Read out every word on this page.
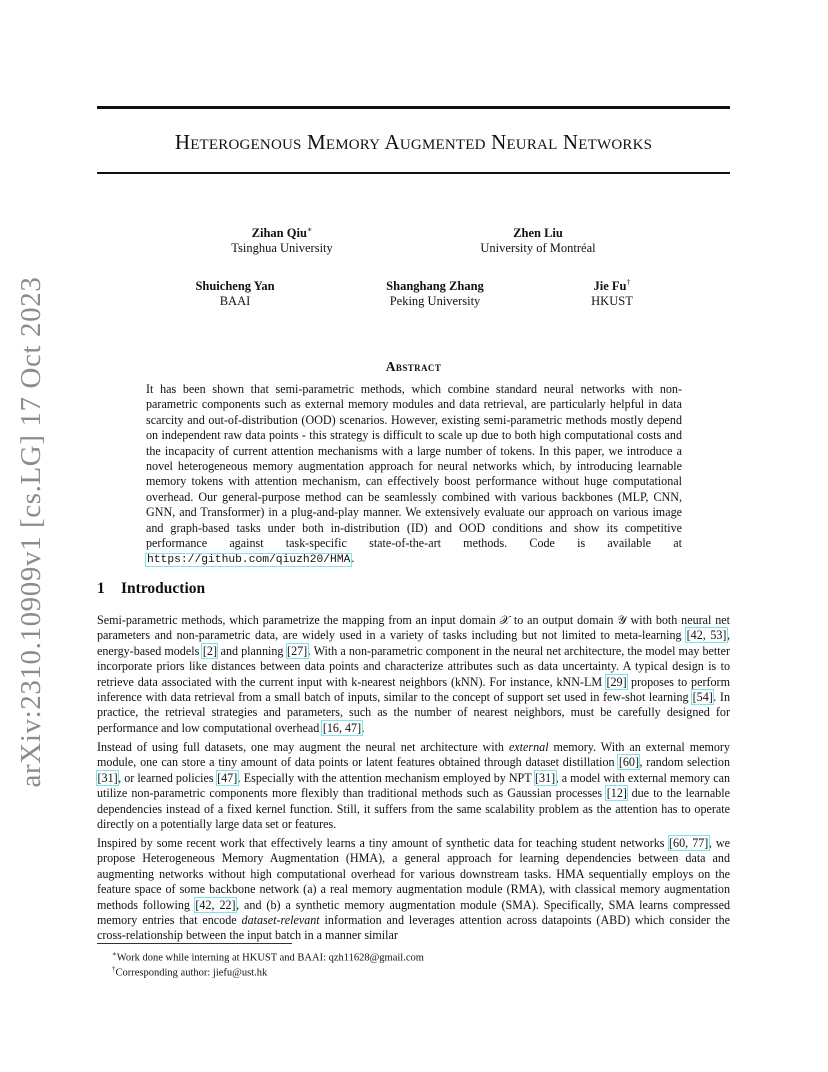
arXiv:2310.10909v1 [cs.LG] 17 Oct 2023
Heterogenous Memory Augmented Neural Networks
Zihan Qiu∗
Tsinghua University
Zhen Liu
University of Montréal
Shuicheng Yan
BAAI
Shanghang Zhang
Peking University
Jie Fu†
HKUST
Abstract
It has been shown that semi-parametric methods, which combine standard neural networks with non-parametric components such as external memory modules and data retrieval, are particularly helpful in data scarcity and out-of-distribution (OOD) scenarios. However, existing semi-parametric methods mostly depend on independent raw data points - this strategy is difficult to scale up due to both high computational costs and the incapacity of current attention mechanisms with a large number of tokens. In this paper, we introduce a novel heterogeneous memory augmentation approach for neural networks which, by introducing learnable memory tokens with attention mechanism, can effectively boost performance without huge computational overhead. Our general-purpose method can be seamlessly combined with various backbones (MLP, CNN, GNN, and Transformer) in a plug-and-play manner. We extensively evaluate our approach on various image and graph-based tasks under both in-distribution (ID) and OOD conditions and show its competitive performance against task-specific state-of-the-art methods. Code is available at https://github.com/qiuzh20/HMA.
1 Introduction
Semi-parametric methods, which parametrize the mapping from an input domain 𝒳 to an output domain 𝒴 with both neural net parameters and non-parametric data, are widely used in a variety of tasks including but not limited to meta-learning [42, 53], energy-based models [2] and planning [27]. With a non-parametric component in the neural net architecture, the model may better incorporate priors like distances between data points and characterize attributes such as data uncertainty. A typical design is to retrieve data associated with the current input with k-nearest neighbors (kNN). For instance, kNN-LM [29] proposes to perform inference with data retrieval from a small batch of inputs, similar to the concept of support set used in few-shot learning [54]. In practice, the retrieval strategies and parameters, such as the number of nearest neighbors, must be carefully designed for performance and low computational overhead [16, 47].
Instead of using full datasets, one may augment the neural net architecture with external memory. With an external memory module, one can store a tiny amount of data points or latent features obtained through dataset distillation [60], random selection [31], or learned policies [47]. Especially with the attention mechanism employed by NPT [31], a model with external memory can utilize non-parametric components more flexibly than traditional methods such as Gaussian processes [12] due to the learnable dependencies instead of a fixed kernel function. Still, it suffers from the same scalability problem as the attention has to operate directly on a potentially large data set or features.
Inspired by some recent work that effectively learns a tiny amount of synthetic data for teaching student networks [60, 77], we propose Heterogeneous Memory Augmentation (HMA), a general approach for learning dependencies between data and augmenting networks without high computational overhead for various downstream tasks. HMA sequentially employs on the feature space of some backbone network (a) a real memory augmentation module (RMA), with classical memory augmentation methods following [42, 22], and (b) a synthetic memory augmentation module (SMA). Specifically, SMA learns compressed memory entries that encode dataset-relevant information and leverages attention across datapoints (ABD) which consider the cross-relationship between the input batch in a manner similar
∗Work done while interning at HKUST and BAAI: qzh11628@gmail.com
†Corresponding author: jiefu@ust.hk
